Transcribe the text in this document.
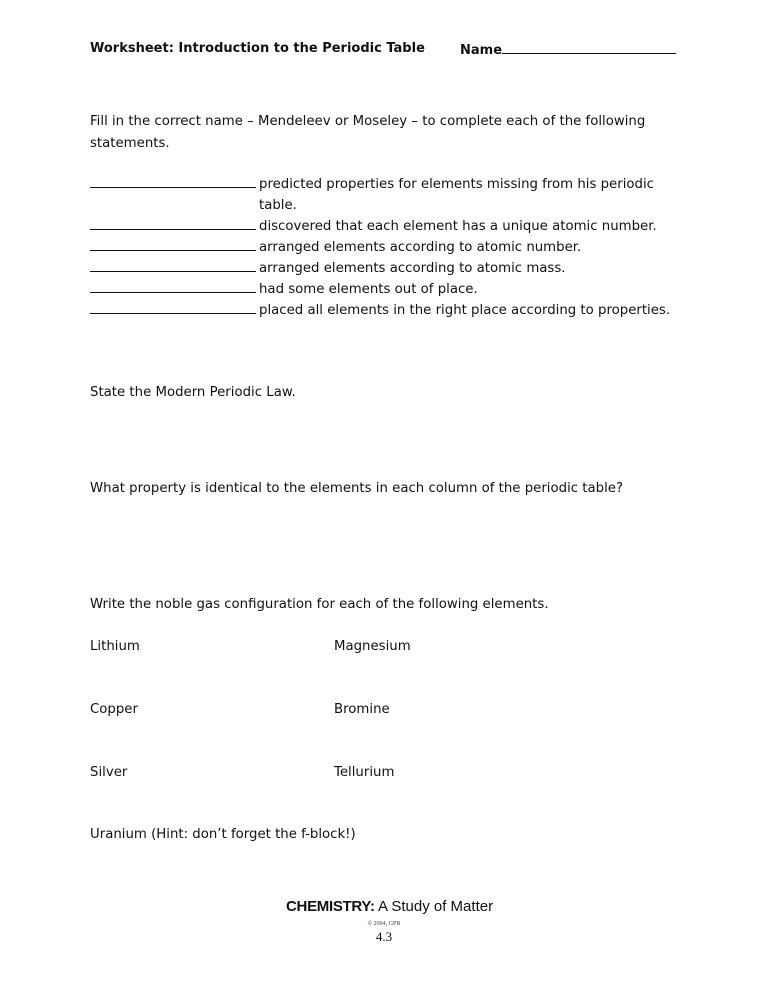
Worksheet: Introduction to the Periodic Table	Name
Fill in the correct name – Mendeleev or Moseley – to complete each of the following statements.
predicted properties for elements missing from his periodic table.
discovered that each element has a unique atomic number.
arranged elements according to atomic number.
arranged elements according to atomic mass.
had some elements out of place.
placed all elements in the right place according to properties.
State the Modern Periodic Law.
What property is identical to the elements in each column of the periodic table?
Write the noble gas configuration for each of the following elements.
Lithium	Magnesium
Copper	Bromine
Silver	Tellurium
Uranium (Hint: don’t forget the f-block!)
CHEMISTRY: A Study of Matter
© 2004, GPB
4.3
